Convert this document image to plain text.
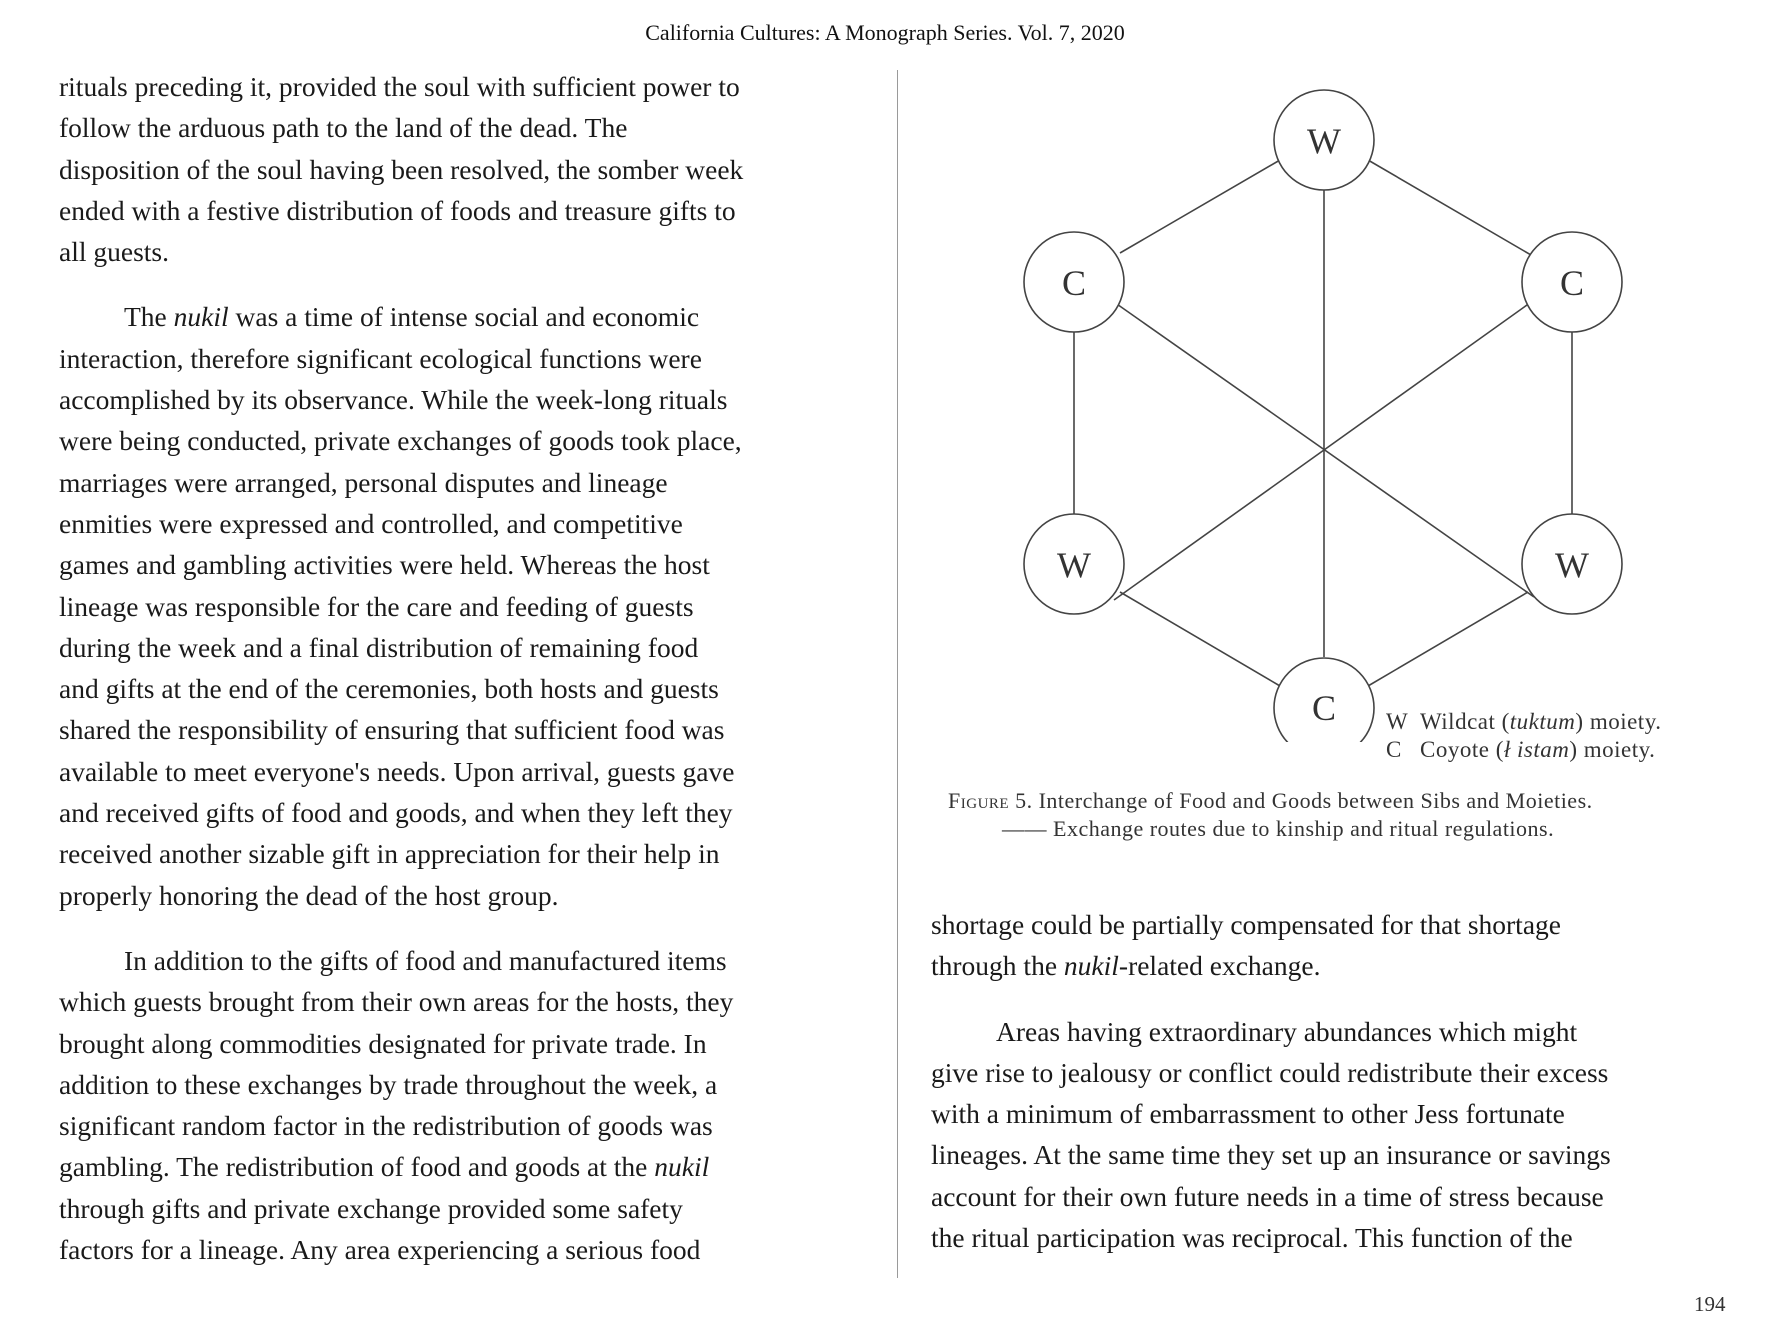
California Cultures: A Monograph Series. Vol. 7, 2020

rituals preceding it, provided the soul with sufficient power to
follow the arduous path to the land of the dead. The
disposition of the soul having been resolved, the somber week
ended with a festive distribution of foods and treasure gifts to
all guests.

The nukil was a time of intense social and economic
interaction, therefore significant ecological functions were
accomplished by its observance. While the week-long rituals
were being conducted, private exchanges of goods took place,
marriages were arranged, personal disputes and lineage
enmities were expressed and controlled, and competitive
games and gambling activities were held. Whereas the host
lineage was responsible for the care and feeding of guests
during the week and a final distribution of remaining food
and gifts at the end of the ceremonies, both hosts and guests
shared the responsibility of ensuring that sufficient food was
available to meet everyone's needs. Upon arrival, guests gave
and received gifts of food and goods, and when they left they
received another sizable gift in appreciation for their help in
properly honoring the dead of the host group.

In addition to the gifts of food and manufactured items
which guests brought from their own areas for the hosts, they
brought along commodities designated for private trade. In
addition to these exchanges by trade throughout the week, a
significant random factor in the redistribution of goods was
gambling. The redistribution of food and goods at the nukil
through gifts and private exchange provided some safety
factors for a lineage. Any area experiencing a serious food

W
C	C
W	W
C W Wildcat (tuktum) moiety.
C Coyote (ł istam) moiety.
Figure 5. Interchange of Food and Goods between Sibs and Moieties.
—— Exchange routes due to kinship and ritual regulations.

shortage could be partially compensated for that shortage
through the nukil-related exchange.

Areas having extraordinary abundances which might
give rise to jealousy or conflict could redistribute their excess
with a minimum of embarrassment to other Jess fortunate
lineages. At the same time they set up an insurance or savings
account for their own future needs in a time of stress because
the ritual participation was reciprocal. This function of the

194
